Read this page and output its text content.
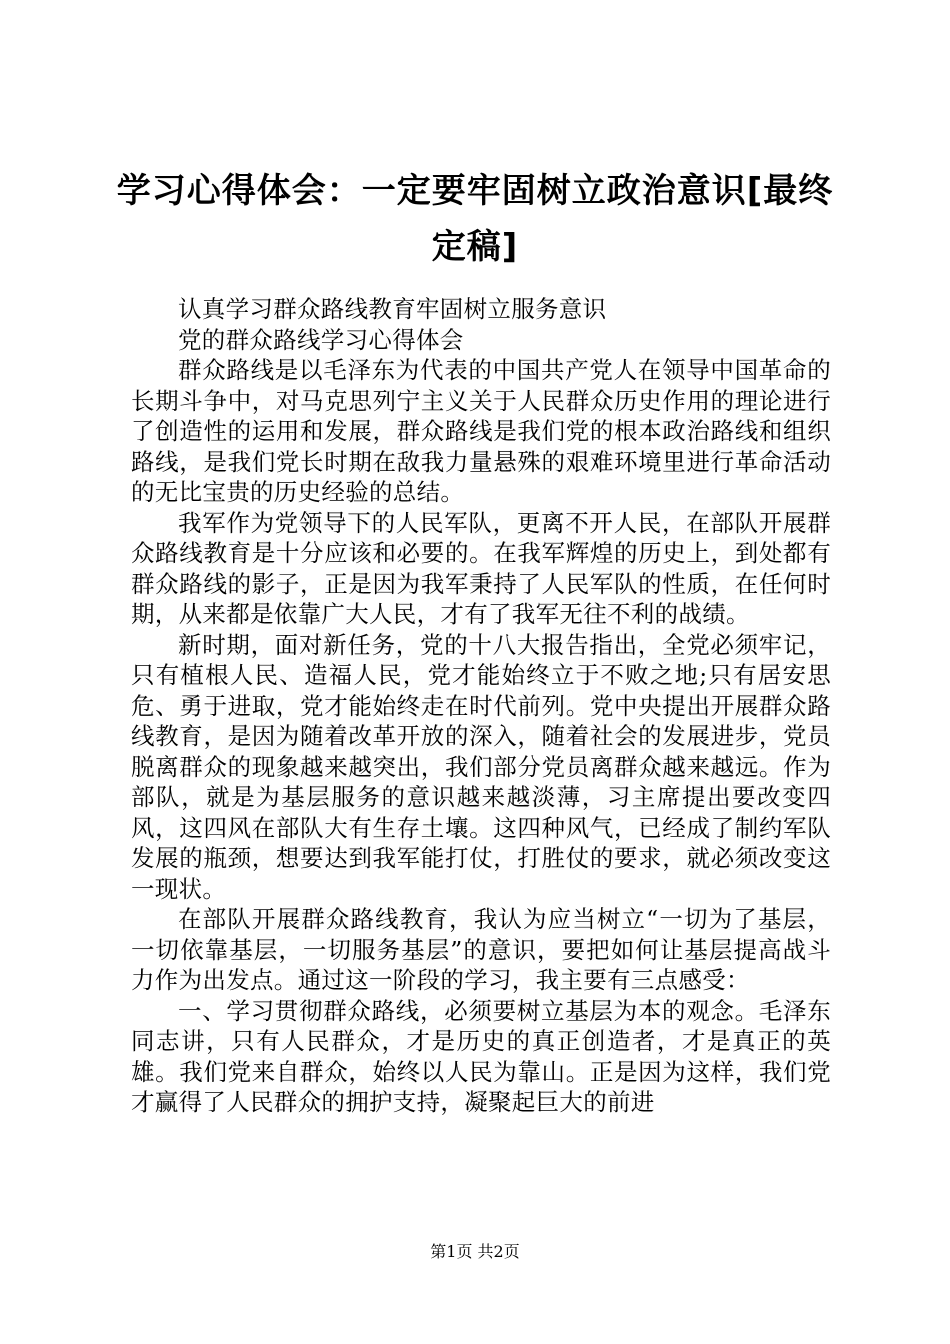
学习心得体会：一定要牢固树立政治意识[最终定稿]

认真学习群众路线教育牢固树立服务意识

党的群众路线学习心得体会

群众路线是以毛泽东为代表的中国共产党人在领导中国革命的长期斗争中，对马克思列宁主义关于人民群众历史作用的理论进行了创造性的运用和发展，群众路线是我们党的根本政治路线和组织路线，是我们党长时期在敌我力量悬殊的艰难环境里进行革命活动的无比宝贵的历史经验的总结。

我军作为党领导下的人民军队，更离不开人民，在部队开展群众路线教育是十分应该和必要的。在我军辉煌的历史上，到处都有群众路线的影子，正是因为我军秉持了人民军队的性质，在任何时期，从来都是依靠广大人民，才有了我军无往不利的战绩。

新时期，面对新任务，党的十八大报告指出，全党必须牢记，只有植根人民、造福人民，党才能始终立于不败之地;只有居安思危、勇于进取，党才能始终走在时代前列。党中央提出开展群众路线教育，是因为随着改革开放的深入，随着社会的发展进步，党员脱离群众的现象越来越突出，我们部分党员离群众越来越远。作为部队，就是为基层服务的意识越来越淡薄，习主席提出要改变四风，这四风在部队大有生存土壤。这四种风气，已经成了制约军队发展的瓶颈，想要达到我军能打仗，打胜仗的要求，就必须改变这一现状。

在部队开展群众路线教育，我认为应当树立“一切为了基层，一切依靠基层，一切服务基层”的意识，要把如何让基层提高战斗力作为出发点。通过这一阶段的学习，我主要有三点感受：

一、学习贯彻群众路线，必须要树立基层为本的观念。毛泽东同志讲，只有人民群众，才是历史的真正创造者，才是真正的英雄。我们党来自群众，始终以人民为靠山。正是因为这样，我们党才赢得了人民群众的拥护支持，凝聚起巨大的前进

第1页 共2页
